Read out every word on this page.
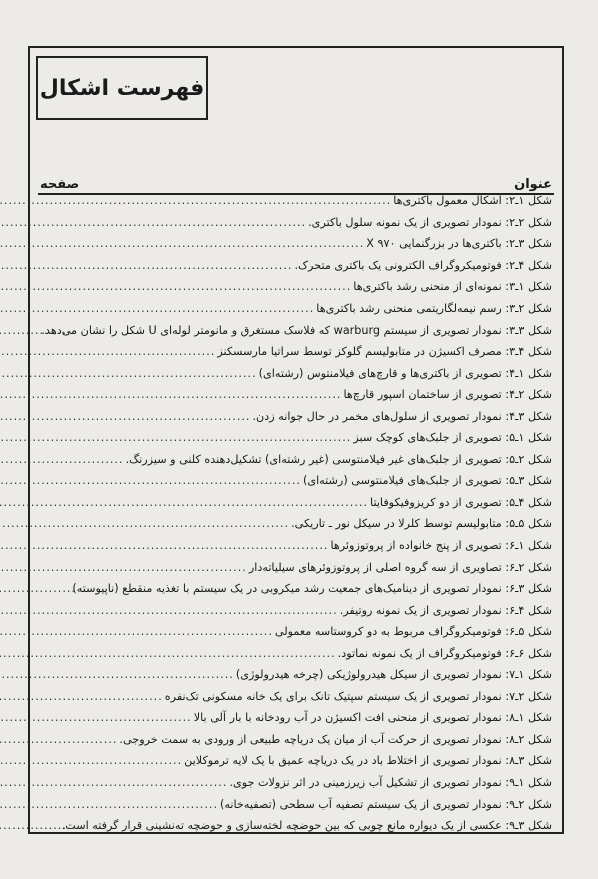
فهرست اشکال
عنوان
صفحه
شکل ۱ـ۲: اشکال معمول باکتری‌ها
.....
شکل ۲ـ۲: نمودار تصویری از یک نمونه سلول باکتری.
.....
شکل ۳ـ۲: باکتری‌ها در بزرگنمایی X ۹۷۰
.....
شکل ۴ـ۲: فوتومیکروگراف الکترونی یک باکتری متحرک.
.....
شکل ۱ـ۳: نمونه‌ای از منحنی رشد باکتری‌ها
.....
شکل ۲ـ۳: رسم نیمه‌لگاریتمی منحنی رشد باکتری‌ها
.....
شکل ۳ـ۳: نمودار تصویری از سیستم warburg که فلاسک مستغرق و مانومتر لوله‌ای U شکل را نشان می‌دهد.
.....
شکل ۴ـ۳: مصرف اکسیژن در متابولیسم گلوکز توسط سراتیا مارسسکنز
.....
شکل ۱ـ۴: تصویری از باکتری‌ها و قارچ‌های فیلامنتوس (رشته‌ای)
.....
شکل ۲ـ۴: تصویری از ساختمان اسپور قارچ‌ها
.....
شکل ۳ـ۴: نمودار تصویری از سلول‌های مخمر در حال جوانه زدن.
.....
شکل ۱ـ۵: تصویری از جلبک‌های کوچک سبز
.....
شکل ۲ـ۵: تصویری از جلبک‌های غیر فیلامنتوسی (غیر رشته‌ای) تشکیل‌دهنده کلنی و سیزرنگ.
.....
شکل ۳ـ۵: تصویری از جلبک‌های فیلامنتوسی (رشته‌ای)
.....
شکل ۴ـ۵: تصویری از دو کریزوفیکوفایتا
.....
شکل ۵ـ۵: متابولیسم توسط کلرلا در سیکل نور ـ تاریکی.
.....
شکل ۱ـ۶: تصویری از پنج خانواده از پروتوزوئرها
.....
شکل ۲ـ۶: تصاویری از سه گروه اصلی از پروتوزوئرهای سیلیاته‌دار
.....
شکل ۳ـ۶: نمودار تصویری از دینامیک‌های جمعیت رشد میکروبی در یک سیستم با تغذیه منقطع (ناپیوسته)
.....
شکل ۴ـ۶: نمودار تصویری از یک نمونه روتیفر.
.....
شکل ۵ـ۶: فوتومیکروگراف مربوط به دو کروستاسه معمولی
.....
شکل ۶ـ۶: فوتومیکروگراف از یک نمونه نماتود.
.....
شکل ۱ـ۷: نمودار تصویری از سیکل هیدرولوژیکی (چرخه هیدرولوژی)
.....
شکل ۲ـ۷: نمودار تصویری از یک سیستم سپتیک تانک برای یک خانه مسکونی تک‌نفره
.....
شکل ۱ـ۸: نمودار تصویری از منحنی افت اکسیژن در آب رودخانه با بار آلی بالا
.....
شکل ۲ـ۸: نمودار تصویری از حرکت آب از میان یک دریاچه طبیعی از ورودی به سمت خروجی.
.....
شکل ۳ـ۸: نمودار تصویری از اختلاط باد در یک دریاچه عمیق با یک لایه ترموکلاین
.....
شکل ۱ـ۹: نمودار تصویری از تشکیل آب زیرزمینی در اثر نزولات جوی.
.....
شکل ۲ـ۹: نمودار تصویری از یک سیستم تصفیه آب سطحی (تصفیه‌خانه)
.....
شکل ۳ـ۹: عکسی از یک دیواره مانع چوبی که بین حوضچه لخته‌سازی و حوضچه ته‌نشینی قرار گرفته است.
.....
